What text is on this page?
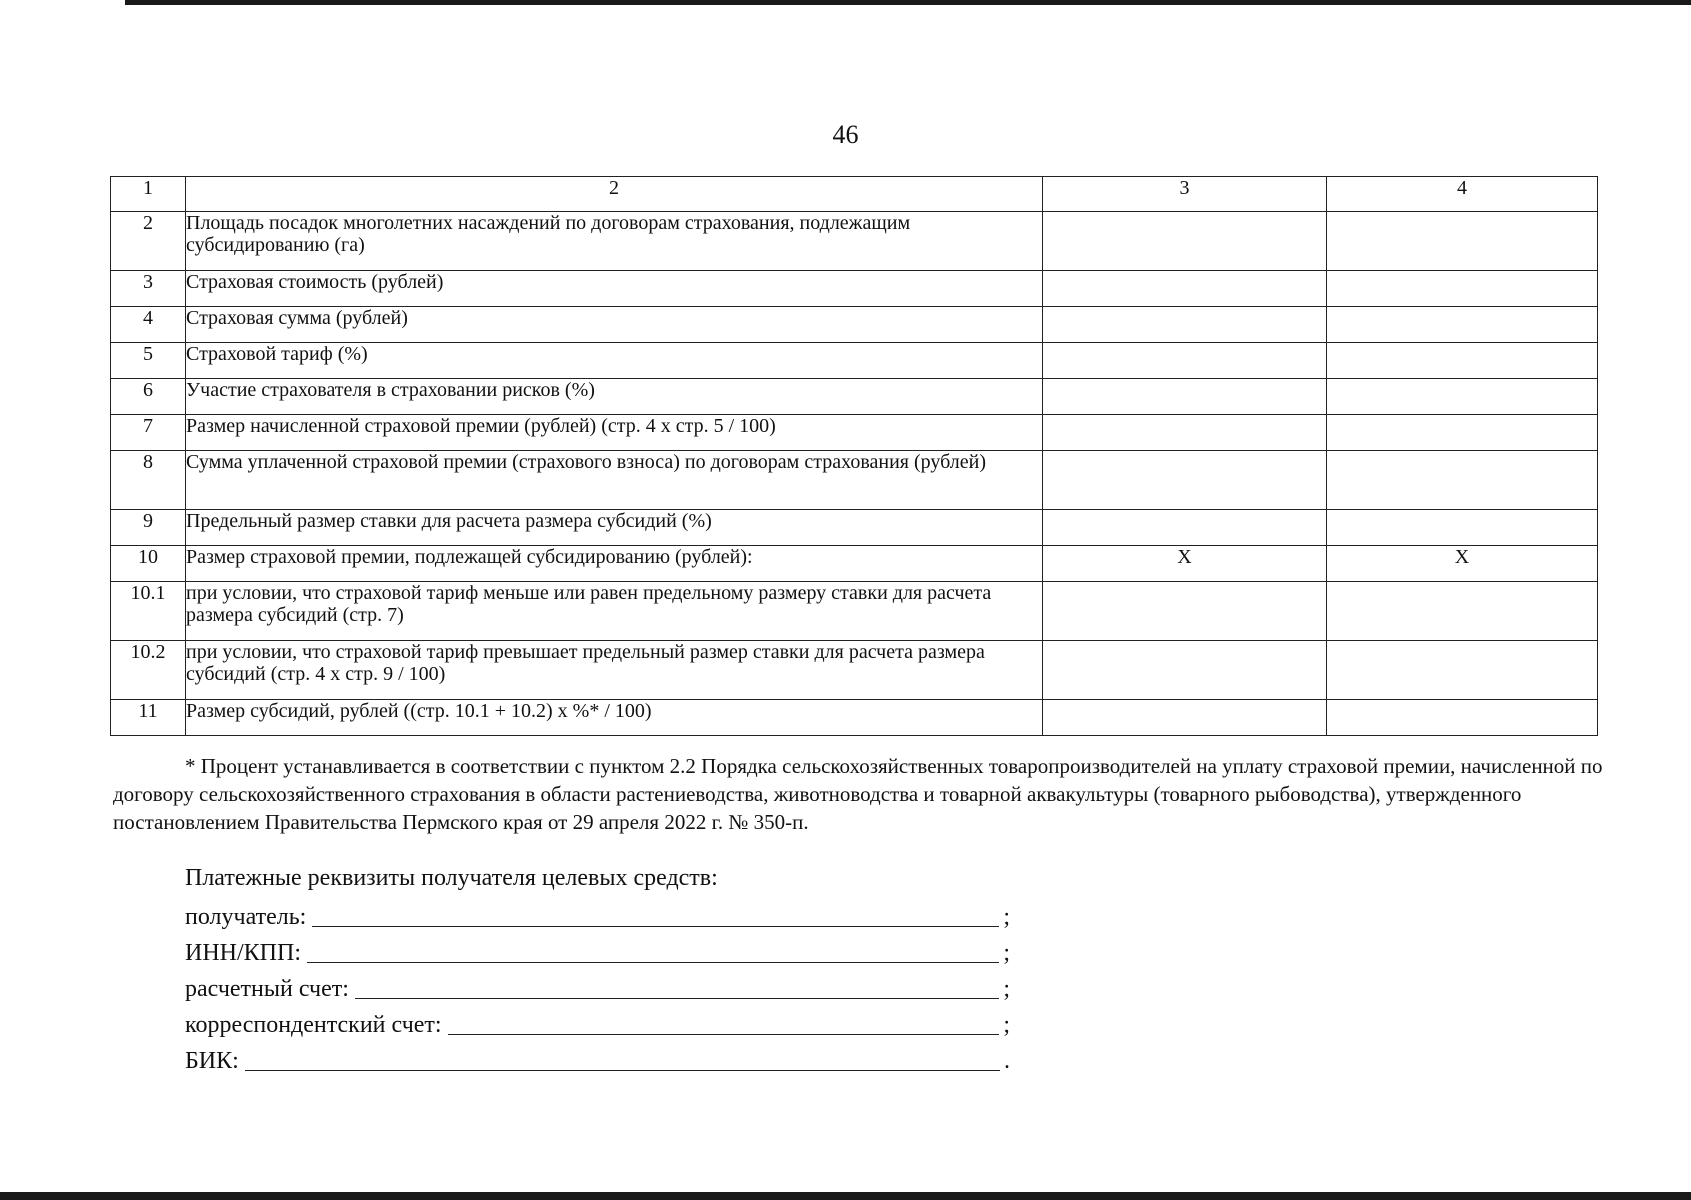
46
1	2	3	4
2	Площадь посадок многолетних насаждений по договорам страхования, подлежащим субсидированию (га)		
3	Страховая стоимость (рублей)		
4	Страховая сумма (рублей)		
5	Страховой тариф (%)		
6	Участие страхователя в страховании рисков (%)		
7	Размер начисленной страховой премии (рублей) (стр. 4 х стр. 5 / 100)		
8	Сумма уплаченной страховой премии (страхового взноса) по договорам страхования (рублей)		
9	Предельный размер ставки для расчета размера субсидий (%)		
10	Размер страховой премии, подлежащей субсидированию (рублей):	X	X
10.1	при условии, что страховой тариф меньше или равен предельному размеру ставки для расчета размера субсидий (стр. 7)		
10.2	при условии, что страховой тариф превышает предельный размер ставки для расчета размера субсидий (стр. 4 х стр. 9 / 100)		
11	Размер субсидий, рублей ((стр. 10.1 + 10.2) х %* / 100)		
* Процент устанавливается в соответствии с пунктом 2.2 Порядка сельскохозяйственных товаропроизводителей на уплату страховой премии, начисленной по договору сельскохозяйственного страхования в области растениеводства, животноводства и товарной аквакультуры (товарного рыбоводства), утвержденного постановлением Правительства Пермского края от 29 апреля 2022 г. № 350-п.
Платежные реквизиты получателя целевых средств:
получатель:	;
ИНН/КПП:	;
расчетный счет:	;
корреспондентский счет:	;
БИК:	.
